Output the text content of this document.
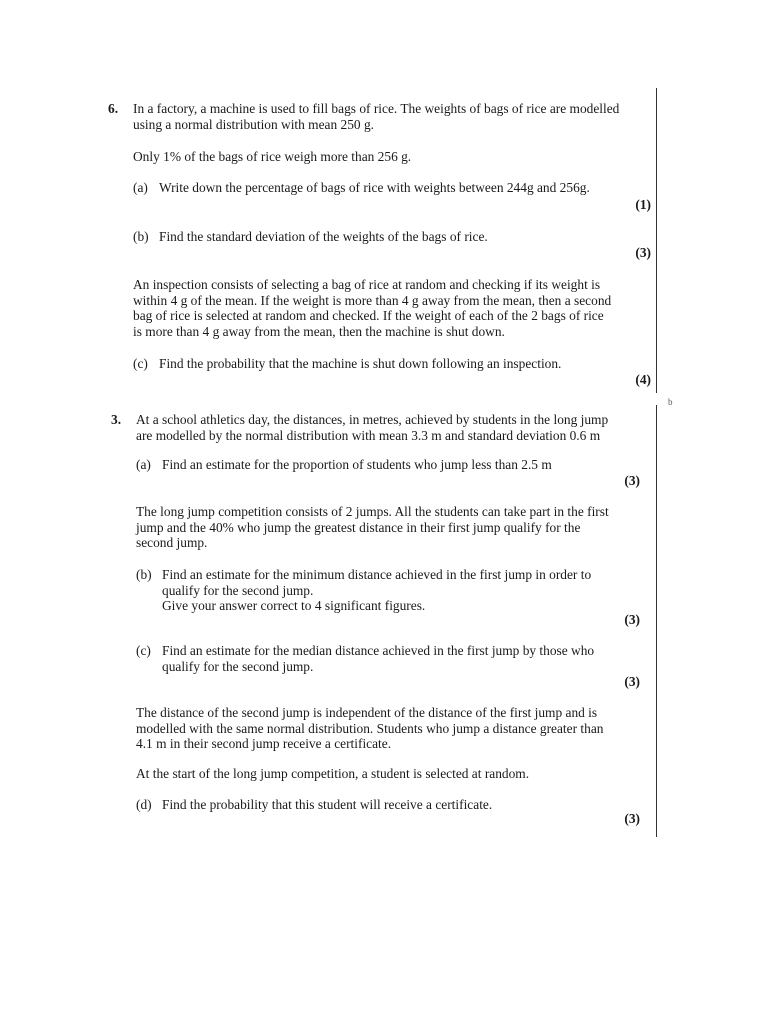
b
6. In a factory, a machine is used to fill bags of rice. The weights of bags of rice are modelled
using a normal distribution with mean 250 g.
Only 1% of the bags of rice weigh more than 256 g.
(a) Write down the percentage of bags of rice with weights between 244g and 256g.
(1)
(b) Find the standard deviation of the weights of the bags of rice.
(3)
An inspection consists of selecting a bag of rice at random and checking if its weight is
within 4 g of the mean. If the weight is more than 4 g away from the mean, then a second
bag of rice is selected at random and checked. If the weight of each of the 2 bags of rice
is more than 4 g away from the mean, then the machine is shut down.
(c) Find the probability that the machine is shut down following an inspection.
(4)
3. At a school athletics day, the distances, in metres, achieved by students in the long jump
are modelled by the normal distribution with mean 3.3 m and standard deviation 0.6 m
(a) Find an estimate for the proportion of students who jump less than 2.5 m
(3)
The long jump competition consists of 2 jumps. All the students can take part in the first
jump and the 40% who jump the greatest distance in their first jump qualify for the
second jump.
(b) Find an estimate for the minimum distance achieved in the first jump in order to
qualify for the second jump.
Give your answer correct to 4 significant figures.
(3)
(c) Find an estimate for the median distance achieved in the first jump by those who
qualify for the second jump.
(3)
The distance of the second jump is independent of the distance of the first jump and is
modelled with the same normal distribution. Students who jump a distance greater than
4.1 m in their second jump receive a certificate.
At the start of the long jump competition, a student is selected at random.
(d) Find the probability that this student will receive a certificate.
(3)
